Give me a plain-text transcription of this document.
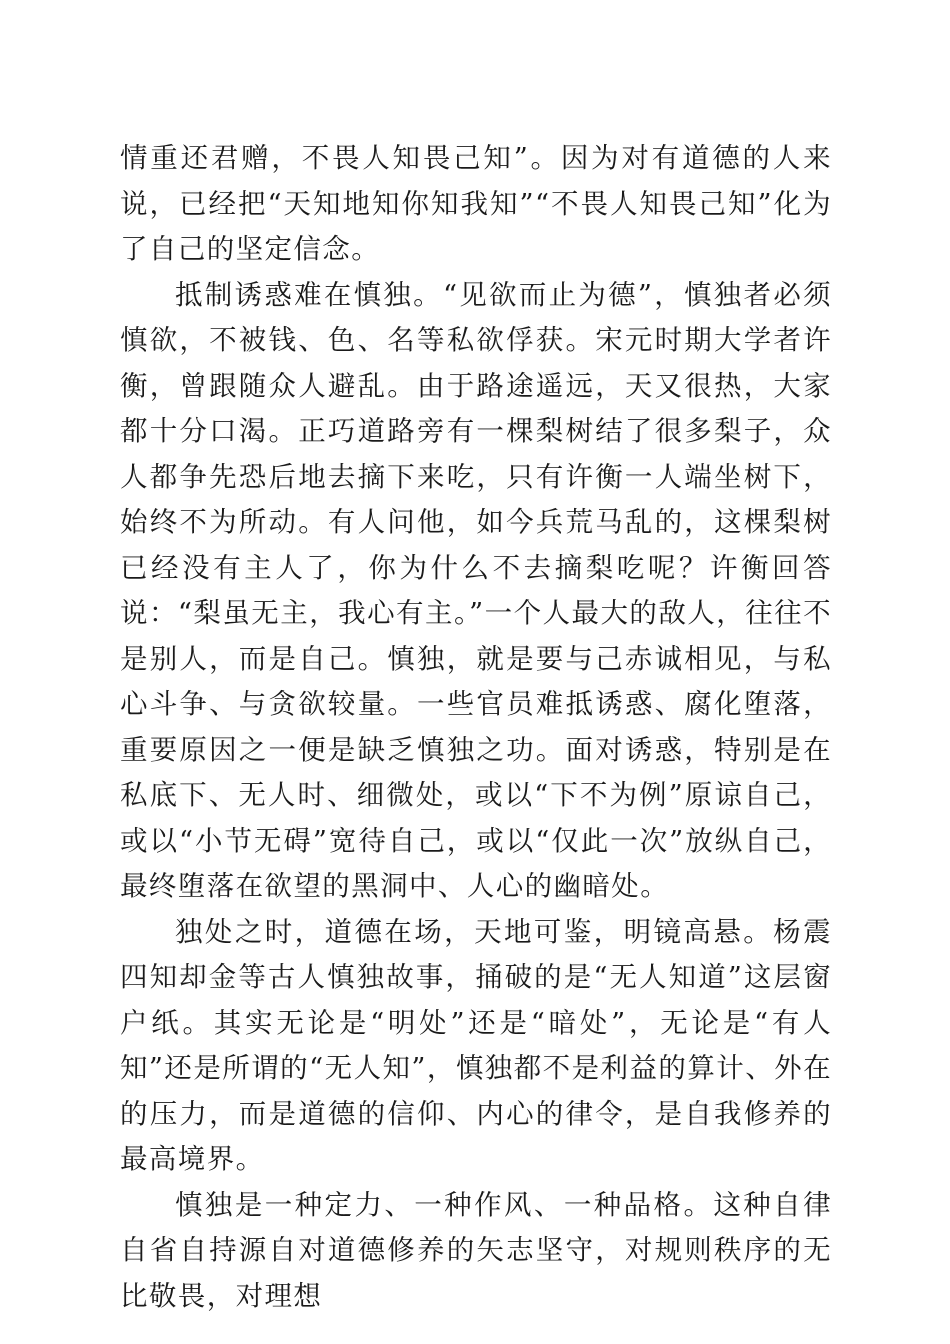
情重还君赠，不畏人知畏己知”。因为对有道德的人来说，已经把“天知地知你知我知”“不畏人知畏己知”化为了自己的坚定信念。

抵制诱惑难在慎独。“见欲而止为德”，慎独者必须慎欲，不被钱、色、名等私欲俘获。宋元时期大学者许衡，曾跟随众人避乱。由于路途遥远，天又很热，大家都十分口渴。正巧道路旁有一棵梨树结了很多梨子，众人都争先恐后地去摘下来吃，只有许衡一人端坐树下，始终不为所动。有人问他，如今兵荒马乱的，这棵梨树已经没有主人了，你为什么不去摘梨吃呢？许衡回答说：“梨虽无主，我心有主。”一个人最大的敌人，往往不是别人，而是自己。慎独，就是要与己赤诚相见，与私心斗争、与贪欲较量。一些官员难抵诱惑、腐化堕落，重要原因之一便是缺乏慎独之功。面对诱惑，特别是在私底下、无人时、细微处，或以“下不为例”原谅自己，或以“小节无碍”宽待自己，或以“仅此一次”放纵自己，最终堕落在欲望的黑洞中、人心的幽暗处。

独处之时，道德在场，天地可鉴，明镜高悬。杨震四知却金等古人慎独故事，捅破的是“无人知道”这层窗户纸。其实无论是“明处”还是“暗处”，无论是“有人知”还是所谓的“无人知”，慎独都不是利益的算计、外在的压力，而是道德的信仰、内心的律令，是自我修养的最高境界。

慎独是一种定力、一种作风、一种品格。这种自律自省自持源自对道德修养的矢志坚守，对规则秩序的无比敬畏，对理想
